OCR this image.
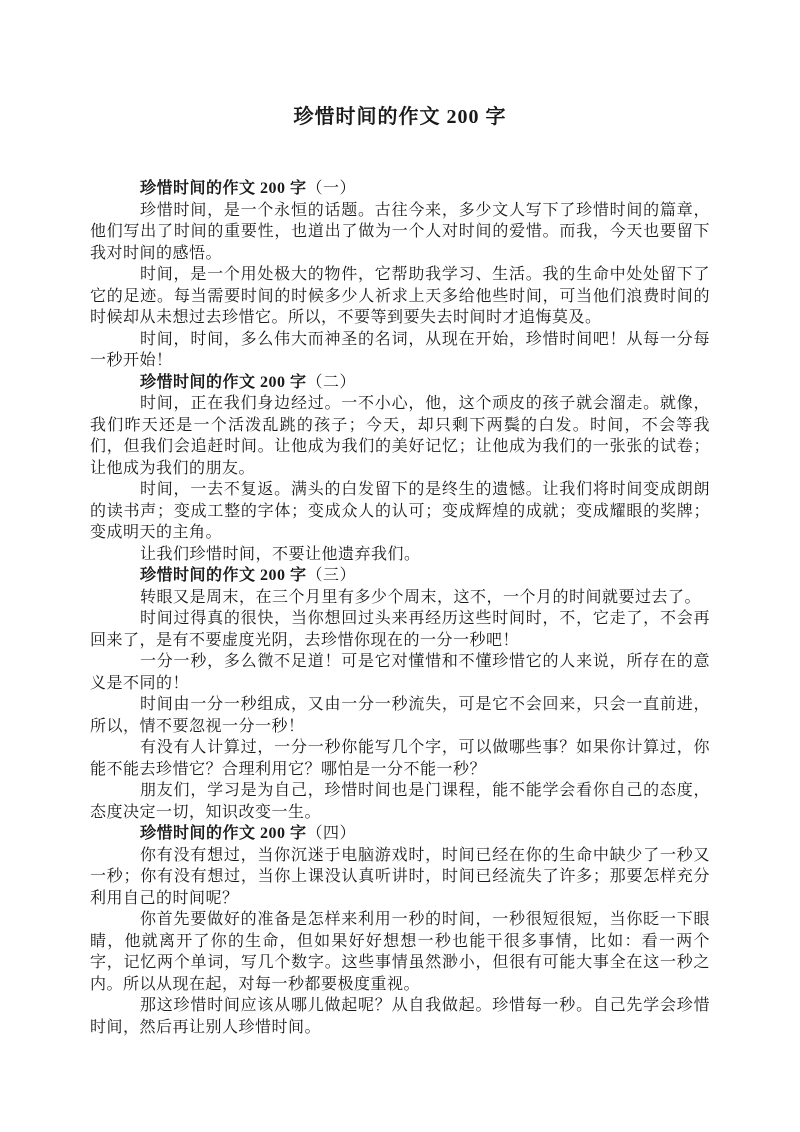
珍惜时间的作文 200 字
珍惜时间的作文 200 字（一）

珍惜时间，是一个永恒的话题。古往今来，多少文人写下了珍惜时间的篇章，他们写出了时间的重要性，也道出了做为一个人对时间的爱惜。而我，今天也要留下我对时间的感悟。

时间，是一个用处极大的物件，它帮助我学习、生活。我的生命中处处留下了它的足迹。每当需要时间的时候多少人祈求上天多给他些时间，可当他们浪费时间的时候却从未想过去珍惜它。所以，不要等到要失去时间时才追悔莫及。

时间，时间，多么伟大而神圣的名词，从现在开始，珍惜时间吧！从每一分每一秒开始！

珍惜时间的作文 200 字（二）

时间，正在我们身边经过。一不小心，他，这个顽皮的孩子就会溜走。就像，我们昨天还是一个活泼乱跳的孩子；今天，却只剩下两鬓的白发。时间，不会等我们，但我们会追赶时间。让他成为我们的美好记忆；让他成为我们的一张张的试卷；让他成为我们的朋友。

时间，一去不复返。满头的白发留下的是终生的遗憾。让我们将时间变成朗朗的读书声；变成工整的字体；变成众人的认可；变成辉煌的成就；变成耀眼的奖牌；变成明天的主角。

让我们珍惜时间，不要让他遗弃我们。

珍惜时间的作文 200 字（三）

转眼又是周末，在三个月里有多少个周末，这不，一个月的时间就要过去了。

时间过得真的很快，当你想回过头来再经历这些时间时，不，它走了，不会再回来了，是有不要虚度光阴，去珍惜你现在的一分一秒吧！

一分一秒，多么微不足道！可是它对懂惜和不懂珍惜它的人来说，所存在的意义是不同的！

时间由一分一秒组成，又由一分一秒流失，可是它不会回来，只会一直前进，所以，情不要忽视一分一秒！

有没有人计算过，一分一秒你能写几个字，可以做哪些事？如果你计算过，你能不能去珍惜它？合理利用它？哪怕是一分不能一秒？

朋友们，学习是为自己，珍惜时间也是门课程，能不能学会看你自己的态度，态度决定一切，知识改变一生。

珍惜时间的作文 200 字（四）

你有没有想过，当你沉迷于电脑游戏时，时间已经在你的生命中缺少了一秒又一秒；你有没有想过，当你上课没认真听讲时，时间已经流失了许多；那要怎样充分利用自己的时间呢？

你首先要做好的准备是怎样来利用一秒的时间，一秒很短很短，当你眨一下眼睛，他就离开了你的生命，但如果好好想想一秒也能干很多事情，比如：看一两个字，记忆两个单词，写几个数字。这些事情虽然渺小，但很有可能大事全在这一秒之内。所以从现在起，对每一秒都要极度重视。

那这珍惜时间应该从哪儿做起呢？从自我做起。珍惜每一秒。自己先学会珍惜时间，然后再让别人珍惜时间。
